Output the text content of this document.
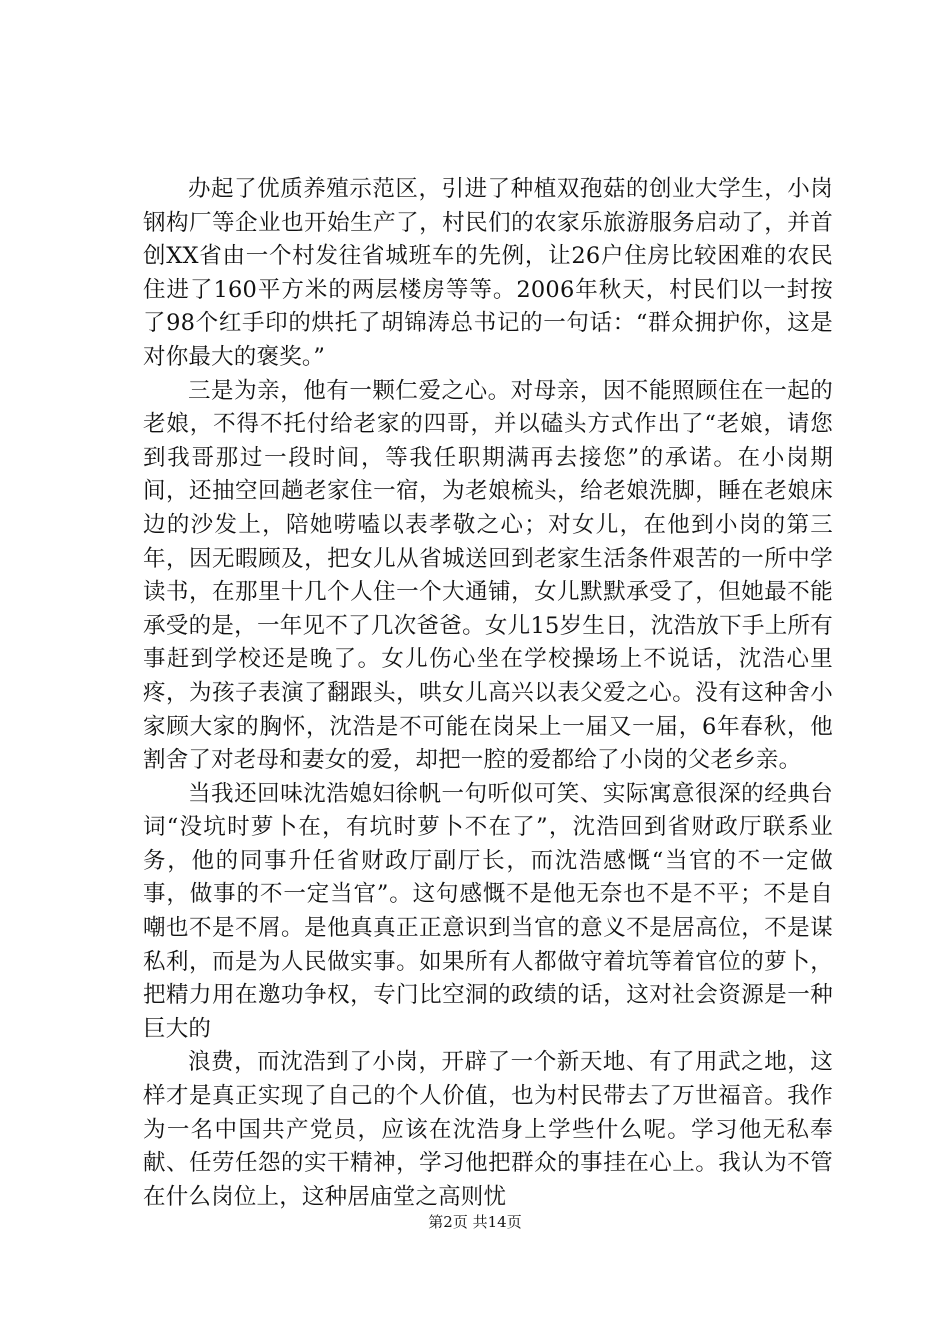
办起了优质养殖示范区，引进了种植双孢菇的创业大学生，小岗钢构厂等企业也开始生产了，村民们的农家乐旅游服务启动了，并首创XX省由一个村发往省城班车的先例，让26户住房比较困难的农民住进了160平方米的两层楼房等等。2006年秋天，村民们以一封按了98个红手印的烘托了胡锦涛总书记的一句话：“群众拥护你，这是对你最大的褒奖。”

三是为亲，他有一颗仁爱之心。对母亲，因不能照顾住在一起的老娘，不得不托付给老家的四哥，并以磕头方式作出了“老娘，请您到我哥那过一段时间，等我任职期满再去接您”的承诺。在小岗期间，还抽空回趟老家住一宿，为老娘梳头，给老娘洗脚，睡在老娘床边的沙发上，陪她唠嗑以表孝敬之心；对女儿，在他到小岗的第三年，因无暇顾及，把女儿从省城送回到老家生活条件艰苦的一所中学读书，在那里十几个人住一个大通铺，女儿默默承受了，但她最不能承受的是，一年见不了几次爸爸。女儿15岁生日，沈浩放下手上所有事赶到学校还是晚了。女儿伤心坐在学校操场上不说话，沈浩心里疼，为孩子表演了翻跟头，哄女儿高兴以表父爱之心。没有这种舍小家顾大家的胸怀，沈浩是不可能在岗呆上一届又一届，6年春秋，他割舍了对老母和妻女的爱，却把一腔的爱都给了小岗的父老乡亲。

当我还回味沈浩媳妇徐帆一句听似可笑、实际寓意很深的经典台词“没坑时萝卜在，有坑时萝卜不在了”，沈浩回到省财政厅联系业务，他的同事升任省财政厅副厅长，而沈浩感慨“当官的不一定做事，做事的不一定当官”。这句感慨不是他无奈也不是不平；不是自嘲也不是不屑。是他真真正正意识到当官的意义不是居高位，不是谋私利，而是为人民做实事。如果所有人都做守着坑等着官位的萝卜，把精力用在邀功争权，专门比空洞的政绩的话，这对社会资源是一种巨大的

浪费，而沈浩到了小岗，开辟了一个新天地、有了用武之地，这样才是真正实现了自己的个人价值，也为村民带去了万世福音。我作为一名中国共产党员，应该在沈浩身上学些什么呢。学习他无私奉献、任劳任怨的实干精神，学习他把群众的事挂在心上。我认为不管在什么岗位上，这种居庙堂之高则忧

第2页 共14页
